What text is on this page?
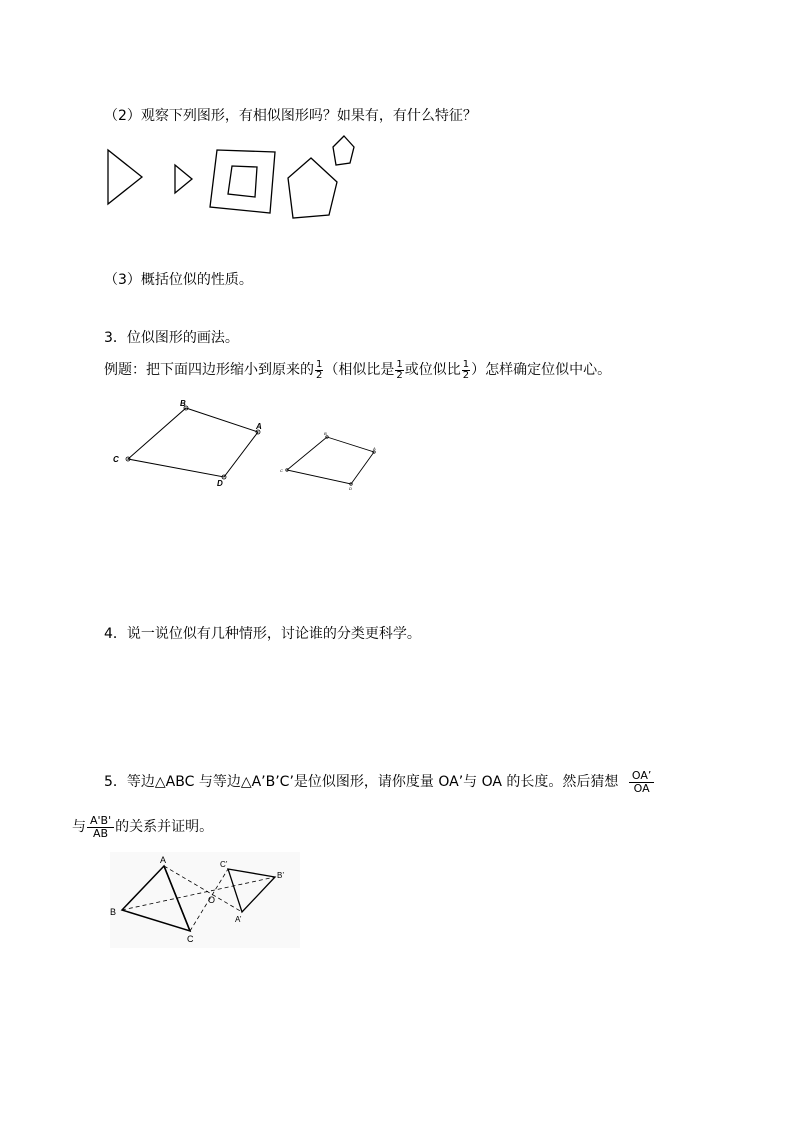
（2）观察下列图形，有相似图形吗？如果有，有什么特征？
（3）概括位似的性质。
3．位似图形的画法。
例题：把下面四边形缩小到原来的 $\frac{1}{2}$ （相似比是 $\frac{1}{2}$ 或位似比 $\frac{1}{2}$ ）怎样确定位似中心。
B
A
D
C
B
A
D
C
4．说一说位似有几种情形，讨论谁的分类更科学。
5．等边△ABC 与等边△A’B’C’是位似图形，请你度量 OA’与 OA 的长度。然后猜想 $\frac{OA’}{OA}$
与 $\frac{A'B'}{AB}$ 的关系并证明。
A
B
C
O
A’
B’
C’
